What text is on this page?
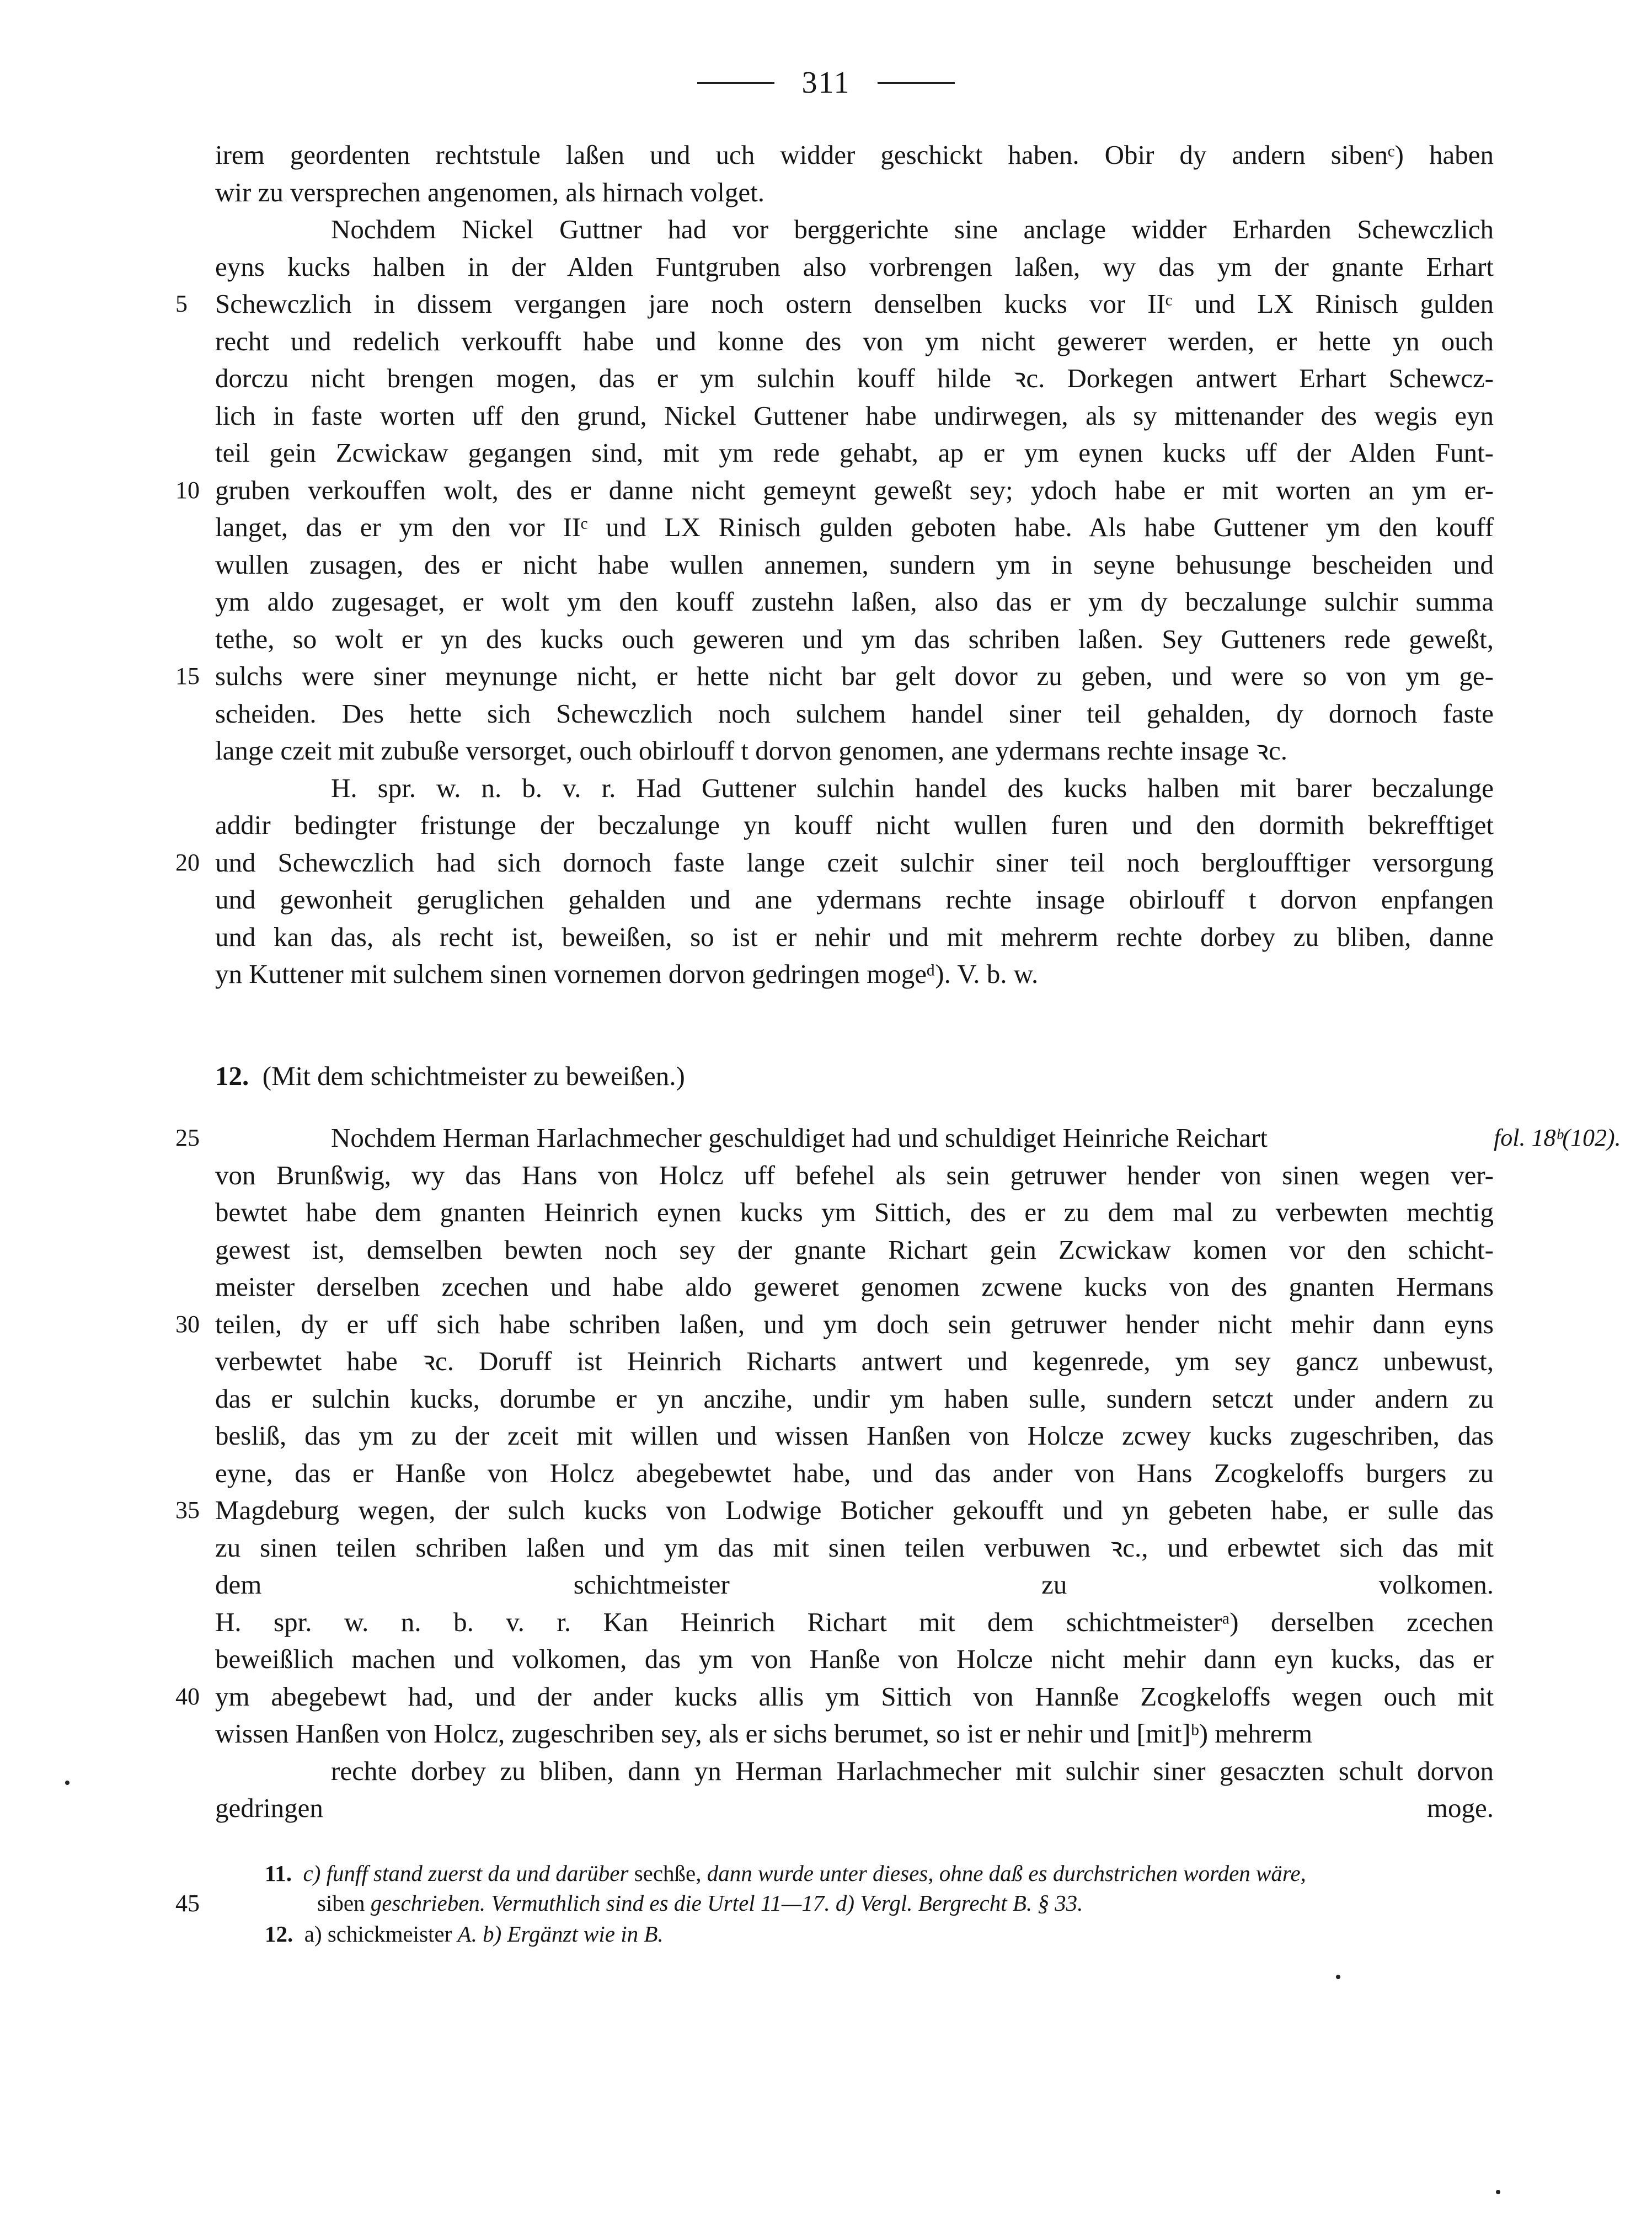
311
irem geordenten rechtstule laßen und uch widder geschickt haben. Obir dy andern sibenᶜ) haben
wir zu versprechen angenomen, als hirnach volget.
Nochdem Nickel Guttner had vor berggerichte sine anclage widder Erharden Schewczlich
eyns kucks halben in der Alden Funtgruben also vorbrengen laßen, wy das ym der gnante Erhart
Schewczlich in dissem vergangen jare noch ostern denselben kucks vor IIᶜ und LX Rinisch gulden
5
recht und redelich verkoufft habe und konne des von ym nicht gewerет werden, er hette yn ouch
dorczu nicht brengen mogen, das er ym sulchin kouff hilde ꝛc. Dorkegen antwert Erhart Schewcz-
lich in faste worten uff den grund, Nickel Guttener habe undirwegen, als sy mittenander des wegis eyn
teil gein Zcwickaw gegangen sind, mit ym rede gehabt, ap er ym eynen kucks uff der Alden Funt-
gruben verkouffen wolt, des er danne nicht gemeynt geweßt sey; ydoch habe er mit worten an ym er-
10
langet, das er ym den vor IIᶜ und LX Rinisch gulden geboten habe. Als habe Guttener ym den kouff
wullen zusagen, des er nicht habe wullen annemen, sundern ym in seyne behusunge bescheiden und
ym aldo zugesaget, er wolt ym den kouff zustehn laßen, also das er ym dy beczalunge sulchir summa
tethe, so wolt er yn des kucks ouch geweren und ym das schriben laßen. Sey Gutteners rede geweßt,
sulchs were siner meynunge nicht, er hette nicht bar gelt dovor zu geben, und were so von ym ge-
15
scheiden. Des hette sich Schewczlich noch sulchem handel siner teil gehalden, dy dornoch faste
lange czeit mit zubuße versorget, ouch obirlouff t dorvon genomen, ane ydermans rechte insage ꝛc.
H. spr. w. n. b. v. r. Had Guttener sulchin handel des kucks halben mit barer beczalunge
addir bedingter fristunge der beczalunge yn kouff nicht wullen furen und den dormith bekrefftiget
und Schewczlich had sich dornoch faste lange czeit sulchir siner teil noch bergloufftiger versorgung
20
und gewonheit geruglichen gehalden und ane ydermans rechte insage obirlouff t dorvon enpfangen
und kan das, als recht ist, beweißen, so ist er nehir und mit mehrerm rechte dorbey zu bliben, danne
yn Kuttener mit sulchem sinen vornemen dorvon gedringen mogeᵈ). V. b. w.
12. (Mit dem schichtmeister zu beweißen.)
fol. 18ᵇ(102).
Nochdem Herman Harlachmecher geschuldiget had und schuldiget Heinriche Reichart
25
von Brunßwig, wy das Hans von Holcz uff befehel als sein getruwer hender von sinen wegen ver-
bewtet habe dem gnanten Heinrich eynen kucks ym Sittich, des er zu dem mal zu verbewten mechtig
gewest ist, demselben bewten noch sey der gnante Richart gein Zcwickaw komen vor den schicht-
meister derselben zcechen und habe aldo geweret genomen zcwene kucks von des gnanten Hermans
teilen, dy er uff sich habe schriben laßen, und ym doch sein getruwer hender nicht mehir dann eyns
30
verbewtet habe ꝛc. Doruff ist Heinrich Richarts antwert und kegenrede, ym sey gancz unbewust,
das er sulchin kucks, dorumbe er yn anczihe, undir ym haben sulle, sundern setczt under andern zu
besliß, das ym zu der zceit mit willen und wissen Hanßen von Holcze zcwey kucks zugeschriben, das
eyne, das er Hanße von Holcz abegebewtet habe, und das ander von Hans Zcogkeloffs burgers zu
Magdeburg wegen, der sulch kucks von Lodwige Boticher gekoufft und yn gebeten habe, er sulle das
35
zu sinen teilen schriben laßen und ym das mit sinen teilen verbuwen ꝛc., und erbewtet sich das mit
dem schichtmeister zu volkomen.
H. spr. w. n. b. v. r. Kan Heinrich Richart mit dem schichtmeisterᵃ) derselben zcechen
beweißlich machen und volkomen, das ym von Hanße von Holcze nicht mehir dann eyn kucks, das er
ym abegebewt had, und der ander kucks allis ym Sittich von Hannße Zcogkeloffs wegen ouch mit
40
wissen Hanßen von Holcz, zugeschriben sey, als er sichs berumet, so ist er nehir und [mit]ᵇ) mehrerm
rechte dorbey zu bliben, dann yn Herman Harlachmecher mit sulchir siner gesacztеn schult dorvon
gedringen moge.
11. c) funff stand zuerst da und darüber sechße, dann wurde unter dieses, ohne daß es durchstrichen worden wäre,
45	siben geschrieben. Vermuthlich sind es die Urtel 11—17. d) Vergl. Bergrecht B. § 33.
12. a) schickmeister A. b) Ergänzt wie in B.
